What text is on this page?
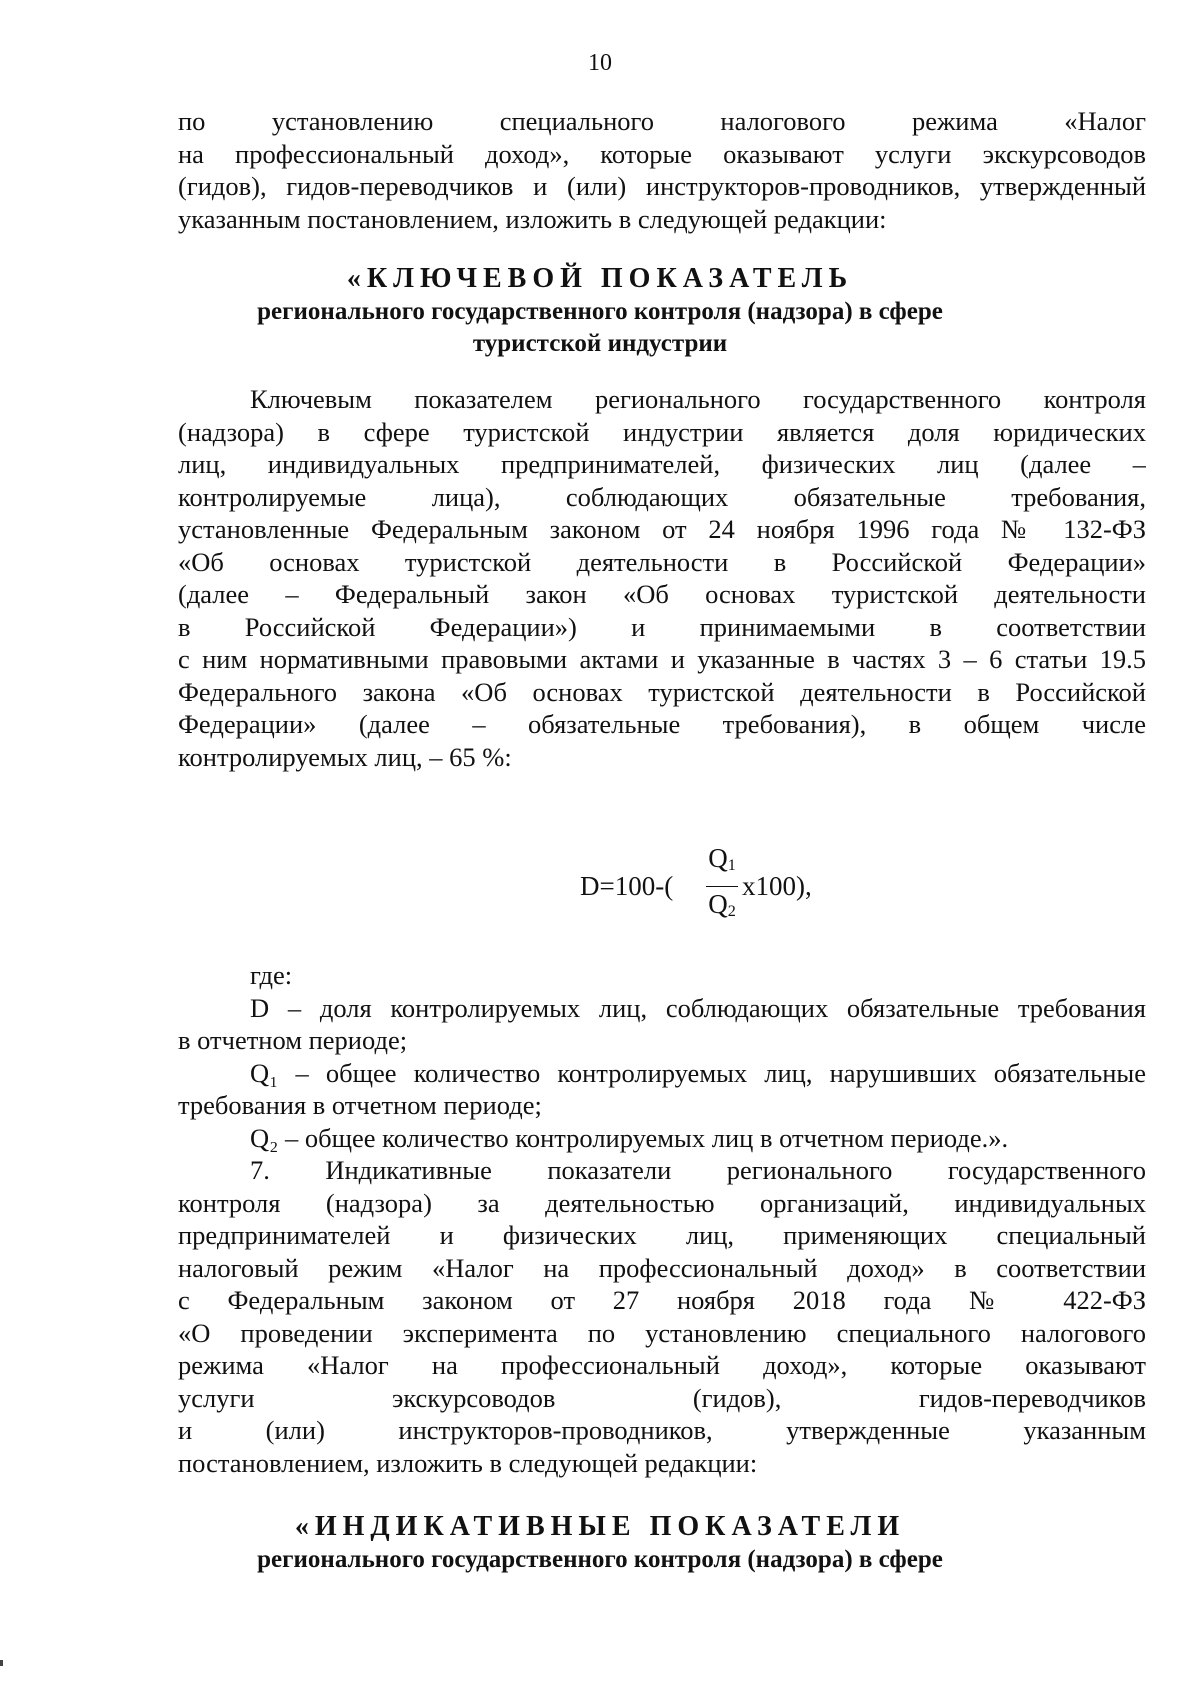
10
по установлению специального налогового режима «Налог
на профессиональный доход», которые оказывают услуги экскурсоводов
(гидов), гидов-переводчиков и (или) инструкторов-проводников, утвержденный
указанным постановлением, изложить в следующей редакции:
«КЛЮЧЕВОЙ ПОКАЗАТЕЛЬ
регионального государственного контроля (надзора) в сфере
туристской индустрии
Ключевым показателем регионального государственного контроля
(надзора) в сфере туристской индустрии является доля юридических
лиц, индивидуальных предпринимателей, физических лиц (далее –
контролируемые лица), соблюдающих обязательные требования,
установленные Федеральным законом от 24 ноября 1996 года № 132-ФЗ
«Об основах туристской деятельности в Российской Федерации»
(далее – Федеральный закон «Об основах туристской деятельности
в Российской Федерации») и принимаемыми в соответствии
с ним нормативными правовыми актами и указанные в частях 3 – 6 статьи 19.5
Федерального закона «Об основах туристской деятельности в Российской
Федерации» (далее – обязательные требования), в общем числе
контролируемых лиц, – 65 %:
D=100-(
$Q_1$
$Q_2$
x100),
где:
D – доля контролируемых лиц, соблюдающих обязательные требования
в отчетном периоде;
Q₁ – общее количество контролируемых лиц, нарушивших обязательные
требования в отчетном периоде;
Q₂ – общее количество контролируемых лиц в отчетном периоде.».
7. Индикативные показатели регионального государственного
контроля (надзора) за деятельностью организаций, индивидуальных
предпринимателей и физических лиц, применяющих специальный
налоговый режим «Налог на профессиональный доход» в соответствии
с Федеральным законом от 27 ноября 2018 года № 422-ФЗ
«О проведении эксперимента по установлению специального налогового
режима «Налог на профессиональный доход», которые оказывают
услуги экскурсоводов (гидов), гидов-переводчиков
и (или) инструкторов-проводников, утвержденные указанным
постановлением, изложить в следующей редакции:
«ИНДИКАТИВНЫЕ ПОКАЗАТЕЛИ
регионального государственного контроля (надзора) в сфере
